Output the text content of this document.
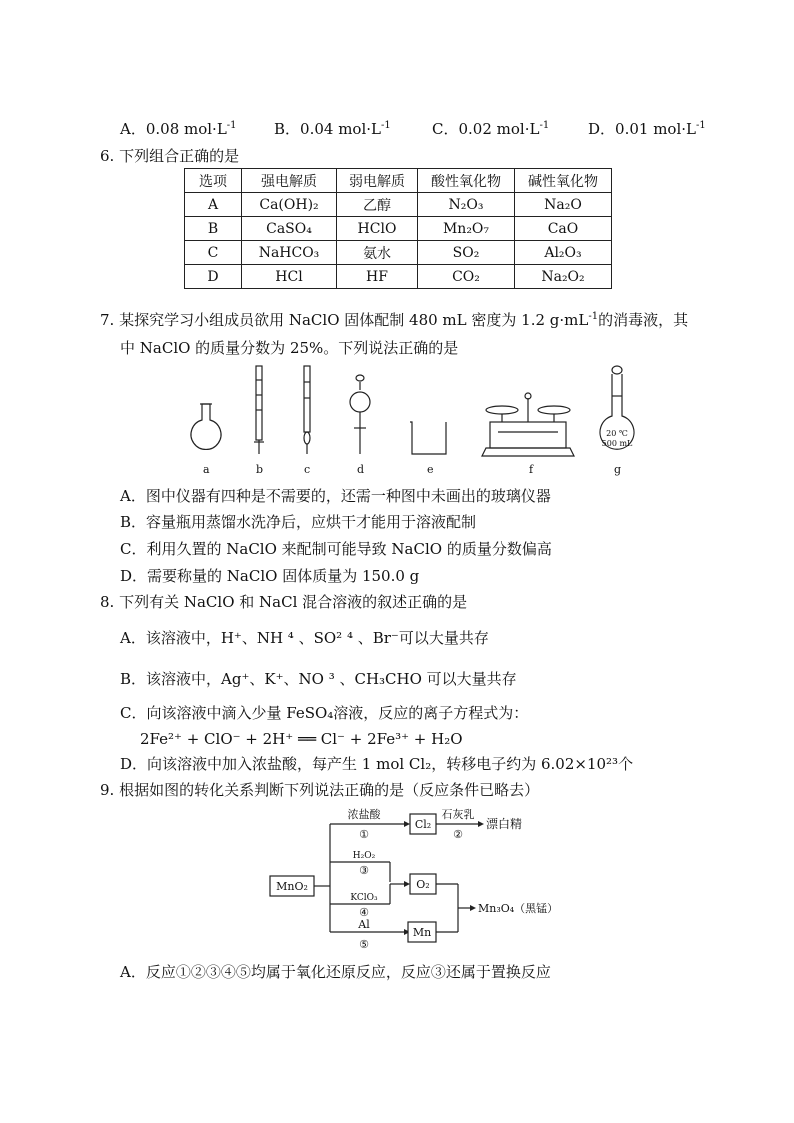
A．0.08 $mol\cdot L^{-1}$ B．0.04 $mol\cdot L^{-1}$	C．0.02 $mol\cdot L^{-1}$	D．0.01 $mol\cdot L^{-1}$
6. 下列组合正确的是
选项	强电解质	弱电解质	酸性氧化物	碱性氧化物
A	Ca(OH)₂	乙醇	N₂O₃	Na₂O
B	CaSO₄	HClO	Mn₂O₇	CaO
C	NaHCO₃	氨水	SO₂	Al₂O₃
D	HCl	HF	CO₂	Na₂O₂
7. 某探究学习小组成员欲用 NaClO 固体配制 480 mL 密度为 1.2 $g\cdot mL^{-1}$的消毒液，其
中 NaClO 的质量分数为 25%。下列说法正确的是
20 ℃
500 mL
a	b	c	d	e	f	g
A．图中仪器有四种是不需要的，还需一种图中未画出的玻璃仪器
B．容量瓶用蒸馏水洗净后，应烘干才能用于溶液配制
C．利用久置的 NaClO 来配制可能导致 NaClO 的质量分数偏高
D．需要称量的 NaClO 固体质量为 150.0 g
8. 下列有关 NaClO 和 NaCl 混合溶液的叙述正确的是
A．该溶液中，H⁺、NH ⁴ 、SO² ⁴ 、Br⁻可以大量共存
B．该溶液中，Ag⁺、K⁺、NO ³ 、CH₃CHO 可以大量共存
C．向该溶液中滴入少量 FeSO₄溶液，反应的离子方程式为：
2Fe²⁺ + ClO⁻ + 2H⁺ ══ Cl⁻ + 2Fe³⁺ + H₂O
D．向该溶液中加入浓盐酸，每产生 1 mol Cl₂，转移电子约为 6.02×10²³个
9. 根据如图的转化关系判断下列说法正确的是（反应条件已略去）
MnO₂
浓盐酸
①
Cl₂
石灰乳
②
漂白精
H₂O₂
③
KClO₃
④
O₂
Al
⑤
Mn
Mn₃O₄（黑锰）
A．反应①②③④⑤均属于氧化还原反应，反应③还属于置换反应
